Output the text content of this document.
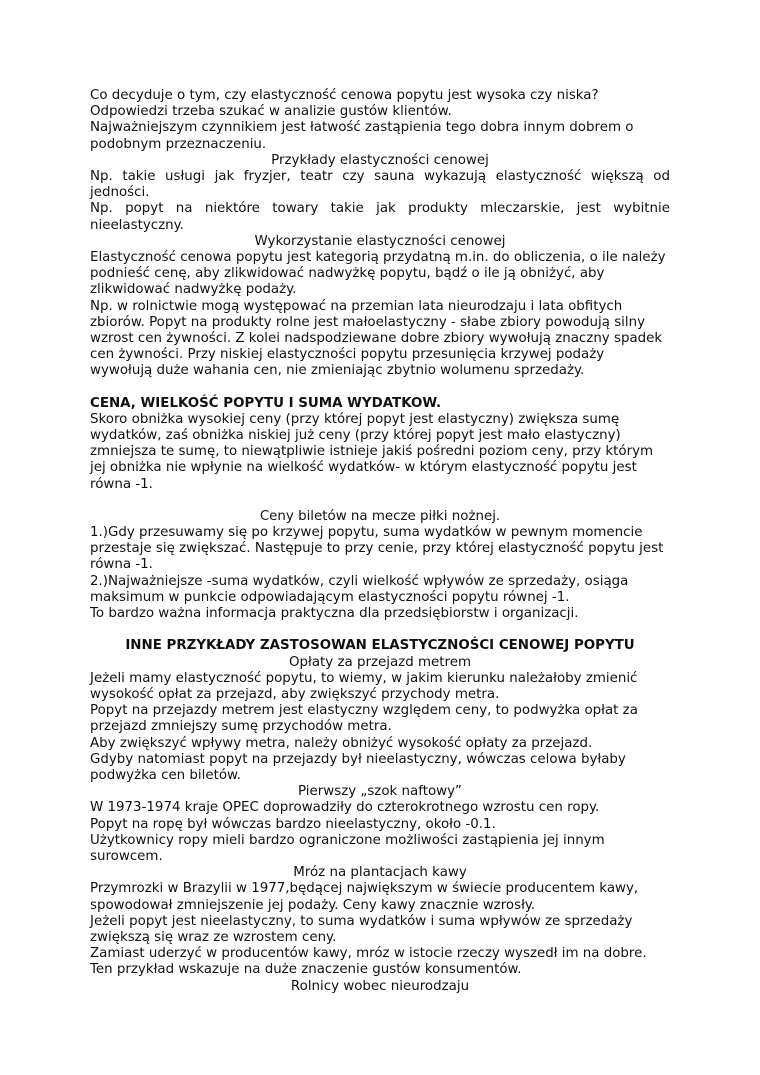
Co decyduje o tym, czy elastyczność cenowa popytu jest wysoka czy niska? Odpowiedzi trzeba szukać w analizie gustów klientów.

Najważniejszym czynnikiem jest łatwość zastąpienia tego dobra innym dobrem o podobnym przeznaczeniu.

Przykłady elastyczności cenowej

Np. takie usługi jak fryzjer, teatr czy sauna wykazują elastyczność większą od jedności.

Np. popyt na niektóre towary takie jak produkty mleczarskie, jest wybitnie nieelastyczny.

Wykorzystanie elastyczności cenowej

Elastyczność cenowa popytu jest kategorią przydatną m.in. do obliczenia, o ile należy podnieść cenę, aby zlikwidować nadwyżkę popytu, bądź o ile ją obniżyć, aby zlikwidować nadwyżkę podaży.

Np. w rolnictwie mogą występować na przemian lata nieurodzaju i lata obfitych zbiorów. Popyt na produkty rolne jest małoelastyczny - słabe zbiory powodują silny wzrost cen żywności. Z kolei nadspodziewane dobre zbiory wywołują znaczny spadek cen żywności. Przy niskiej elastyczności popytu przesunięcia krzywej podaży wywołują duże wahania cen, nie zmieniając zbytnio wolumenu sprzedaży.

CENA, WIELKOŚĆ POPYTU I SUMA WYDATKOW.

Skoro obniżka wysokiej ceny (przy której popyt jest elastyczny) zwiększa sumę wydatków, zaś obniżka niskiej już ceny (przy której popyt jest mało elastyczny) zmniejsza te sumę, to niewątpliwie istnieje jakiś pośredni poziom ceny, przy którym jej obniżka nie wpłynie na wielkość wydatków- w którym elastyczność popytu jest równa -1.

Ceny biletów na mecze piłki nożnej.

1.)Gdy przesuwamy się po krzywej popytu, suma wydatków w pewnym momencie przestaje się zwiększać. Następuje to przy cenie, przy której elastyczność popytu jest równa -1.

2.)Najważniejsze -suma wydatków, czyli wielkość wpływów ze sprzedaży, osiąga maksimum w punkcie odpowiadającym elastyczności popytu równej -1.

To bardzo ważna informacja praktyczna dla przedsiębiorstw i organizacji.

INNE PRZYKŁADY ZASTOSOWAN ELASTYCZNOŚCI CENOWEJ POPYTU

Opłaty za przejazd metrem

Jeżeli mamy elastyczność popytu, to wiemy, w jakim kierunku należałoby zmienić wysokość opłat za przejazd, aby zwiększyć przychody metra.

Popyt na przejazdy metrem jest elastyczny względem ceny, to podwyżka opłat za przejazd zmniejszy sumę przychodów metra.

Aby zwiększyć wpływy metra, należy obniżyć wysokość opłaty za przejazd.

Gdyby natomiast popyt na przejazdy był nieelastyczny, wówczas celowa byłaby podwyżka cen biletów.

Pierwszy „szok naftowy”

W 1973-1974 kraje OPEC doprowadziły do czterokrotnego wzrostu cen ropy.

Popyt na ropę był wówczas bardzo nieelastyczny, około -0.1.

Użytkownicy ropy mieli bardzo ograniczone możliwości zastąpienia jej innym surowcem.

Mróz na plantacjach kawy

Przymrozki w Brazylii w 1977,będącej największym w świecie producentem kawy, spowodował zmniejszenie jej podaży. Ceny kawy znacznie wzrosły.

Jeżeli popyt jest nieelastyczny, to suma wydatków i suma wpływów ze sprzedaży zwiększą się wraz ze wzrostem ceny.

Zamiast uderzyć w producentów kawy, mróz w istocie rzeczy wyszedł im na dobre.

Ten przykład wskazuje na duże znaczenie gustów konsumentów.

Rolnicy wobec nieurodzaju
